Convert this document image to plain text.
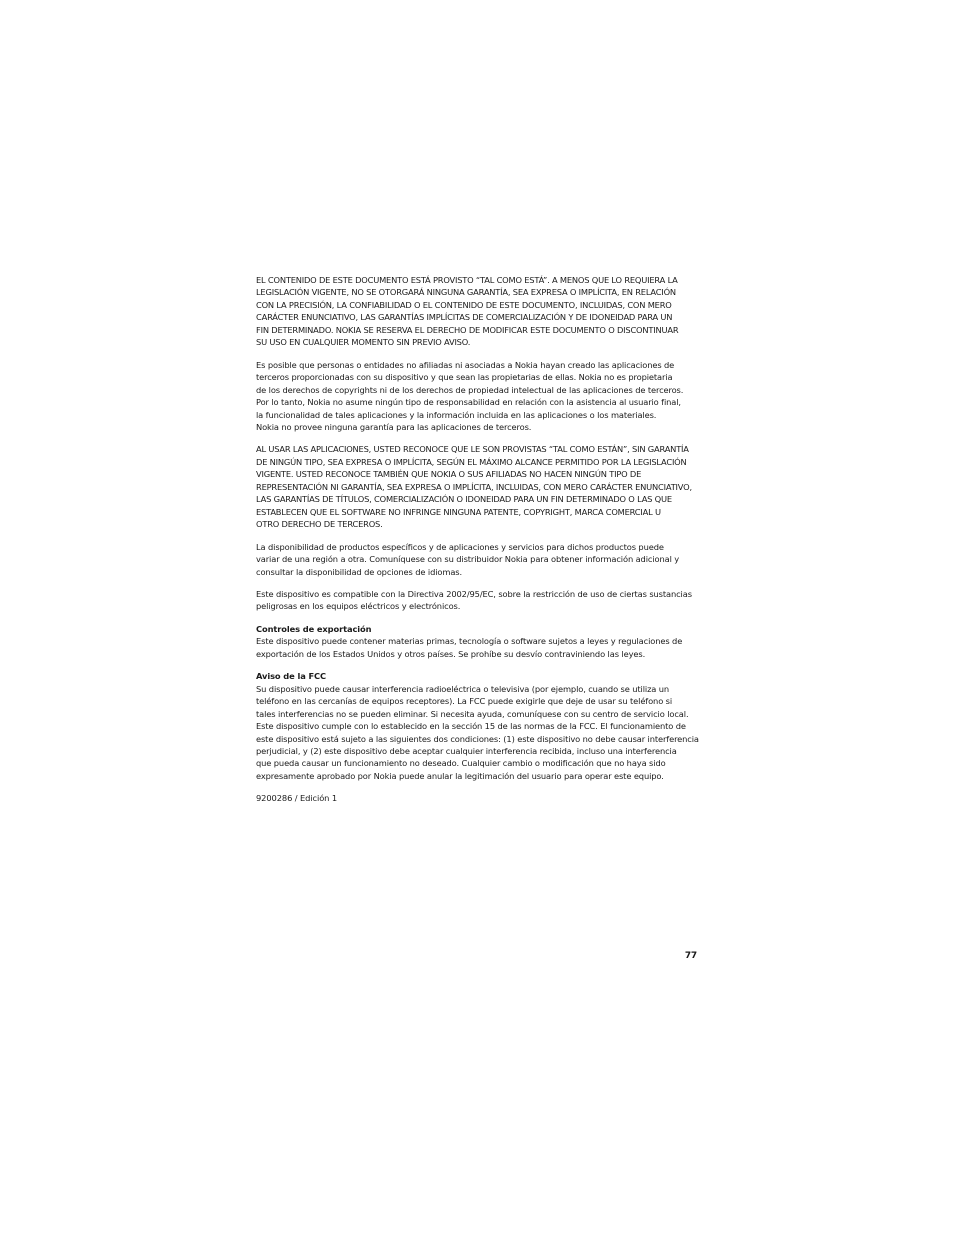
EL CONTENIDO DE ESTE DOCUMENTO ESTÁ PROVISTO “TAL COMO ESTÁ”. A MENOS QUE LO REQUIERA LA
LEGISLACIÓN VIGENTE, NO SE OTORGARÁ NINGUNA GARANTÍA, SEA EXPRESA O IMPLÍCITA, EN RELACIÓN
CON LA PRECISIÓN, LA CONFIABILIDAD O EL CONTENIDO DE ESTE DOCUMENTO, INCLUIDAS, CON MERO
CARÁCTER ENUNCIATIVO, LAS GARANTÍAS IMPLÍCITAS DE COMERCIALIZACIÓN Y DE IDONEIDAD PARA UN
FIN DETERMINADO. NOKIA SE RESERVA EL DERECHO DE MODIFICAR ESTE DOCUMENTO O DISCONTINUAR
SU USO EN CUALQUIER MOMENTO SIN PREVIO AVISO.

Es posible que personas o entidades no afiliadas ni asociadas a Nokia hayan creado las aplicaciones de
terceros proporcionadas con su dispositivo y que sean las propietarias de ellas. Nokia no es propietaria
de los derechos de copyrights ni de los derechos de propiedad intelectual de las aplicaciones de terceros.
Por lo tanto, Nokia no asume ningún tipo de responsabilidad en relación con la asistencia al usuario final,
la funcionalidad de tales aplicaciones y la información incluida en las aplicaciones o los materiales.
Nokia no provee ninguna garantía para las aplicaciones de terceros.

AL USAR LAS APLICACIONES, USTED RECONOCE QUE LE SON PROVISTAS “TAL COMO ESTÁN”, SIN GARANTÍA
DE NINGÚN TIPO, SEA EXPRESA O IMPLÍCITA, SEGÚN EL MÁXIMO ALCANCE PERMITIDO POR LA LEGISLACIÓN
VIGENTE. USTED RECONOCE TAMBIÉN QUE NOKIA O SUS AFILIADAS NO HACEN NINGÚN TIPO DE
REPRESENTACIÓN NI GARANTÍA, SEA EXPRESA O IMPLÍCITA, INCLUIDAS, CON MERO CARÁCTER ENUNCIATIVO,
LAS GARANTÍAS DE TÍTULOS, COMERCIALIZACIÓN O IDONEIDAD PARA UN FIN DETERMINADO O LAS QUE
ESTABLECEN QUE EL SOFTWARE NO INFRINGE NINGUNA PATENTE, COPYRIGHT, MARCA COMERCIAL U
OTRO DERECHO DE TERCEROS.

La disponibilidad de productos específicos y de aplicaciones y servicios para dichos productos puede
variar de una región a otra. Comuníquese con su distribuidor Nokia para obtener información adicional y
consultar la disponibilidad de opciones de idiomas.

Este dispositivo es compatible con la Directiva 2002/95/EC, sobre la restricción de uso de ciertas sustancias
peligrosas en los equipos eléctricos y electrónicos.

Controles de exportación

Este dispositivo puede contener materias primas, tecnología o software sujetos a leyes y regulaciones de
exportación de los Estados Unidos y otros países. Se prohíbe su desvío contraviniendo las leyes.

Aviso de la FCC

Su dispositivo puede causar interferencia radioeléctrica o televisiva (por ejemplo, cuando se utiliza un
teléfono en las cercanías de equipos receptores). La FCC puede exigirle que deje de usar su teléfono si
tales interferencias no se pueden eliminar. Si necesita ayuda, comuníquese con su centro de servicio local.
Este dispositivo cumple con lo establecido en la sección 15 de las normas de la FCC. El funcionamiento de
este dispositivo está sujeto a las siguientes dos condiciones: (1) este dispositivo no debe causar interferencia
perjudicial, y (2) este dispositivo debe aceptar cualquier interferencia recibida, incluso una interferencia
que pueda causar un funcionamiento no deseado. Cualquier cambio o modificación que no haya sido
expresamente aprobado por Nokia puede anular la legitimación del usuario para operar este equipo.

9200286 / Edición 1

77
